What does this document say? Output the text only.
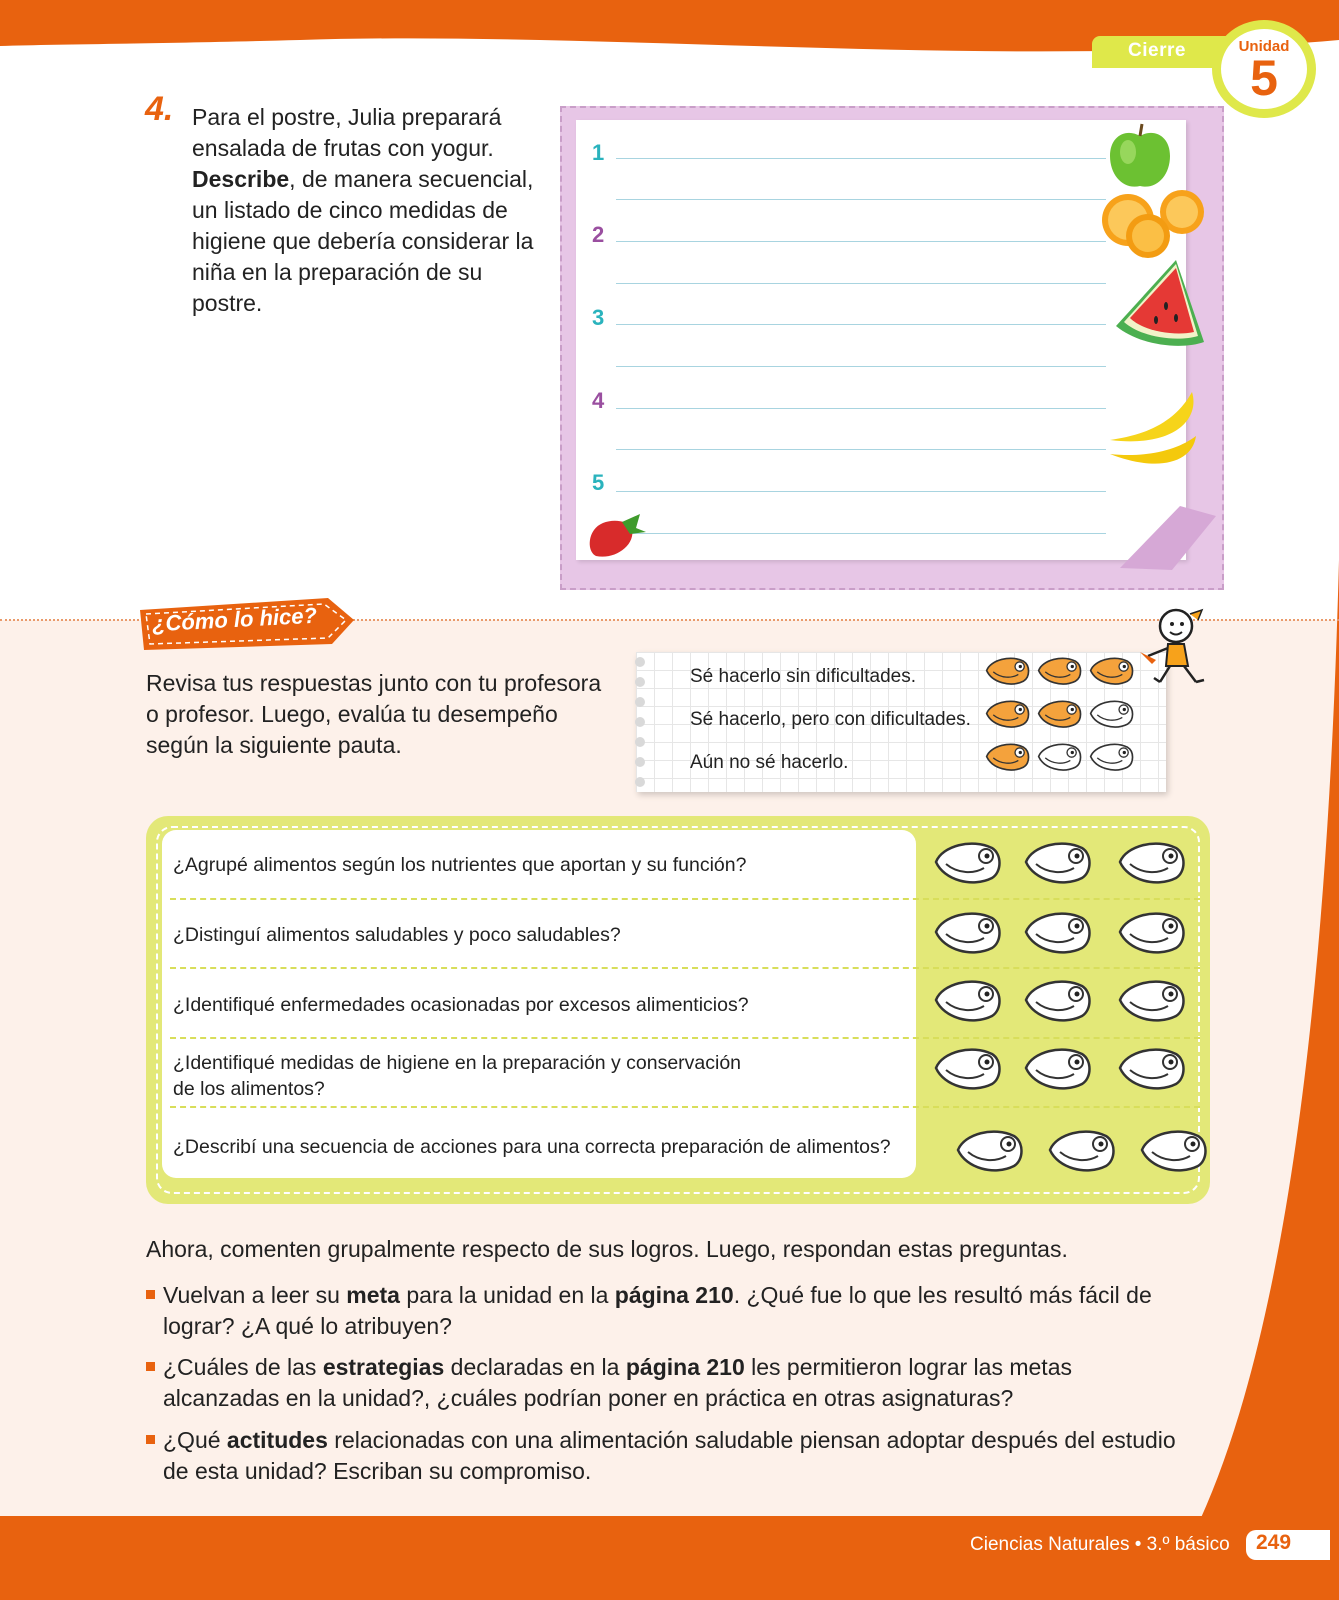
Cierre	Unidad
5
4. Para el postre, Julia preparará ensalada de frutas con yogur. Describe, de manera secuencial, un listado de cinco medidas de higiene que debería considerar la niña en la preparación de su postre.
1
2
3
4
5
¿Cómo lo hice?
Revisa tus respuestas junto con tu profesora o profesor. Luego, evalúa tu desempeño según la siguiente pauta.
Sé hacerlo sin dificultades.
Sé hacerlo, pero con dificultades.
Aún no sé hacerlo.
¿Agrupé alimentos según los nutrientes que aportan y su función?
¿Distinguí alimentos saludables y poco saludables?
¿Identifiqué enfermedades ocasionadas por excesos alimenticios?
¿Identifiqué medidas de higiene en la preparación y conservación
de los alimentos?
¿Describí una secuencia de acciones para una correcta preparación de alimentos?
Ahora, comenten grupalmente respecto de sus logros. Luego, respondan estas preguntas.
Vuelvan a leer su meta para la unidad en la página 210. ¿Qué fue lo que les resultó más fácil de lograr? ¿A qué lo atribuyen?
¿Cuáles de las estrategias declaradas en la página 210 les permitieron lograr las metas alcanzadas en la unidad?, ¿cuáles podrían poner en práctica en otras asignaturas?
¿Qué actitudes relacionadas con una alimentación saludable piensan adoptar después del estudio de esta unidad? Escriban su compromiso.
Ciencias Naturales • 3.º básico 249
